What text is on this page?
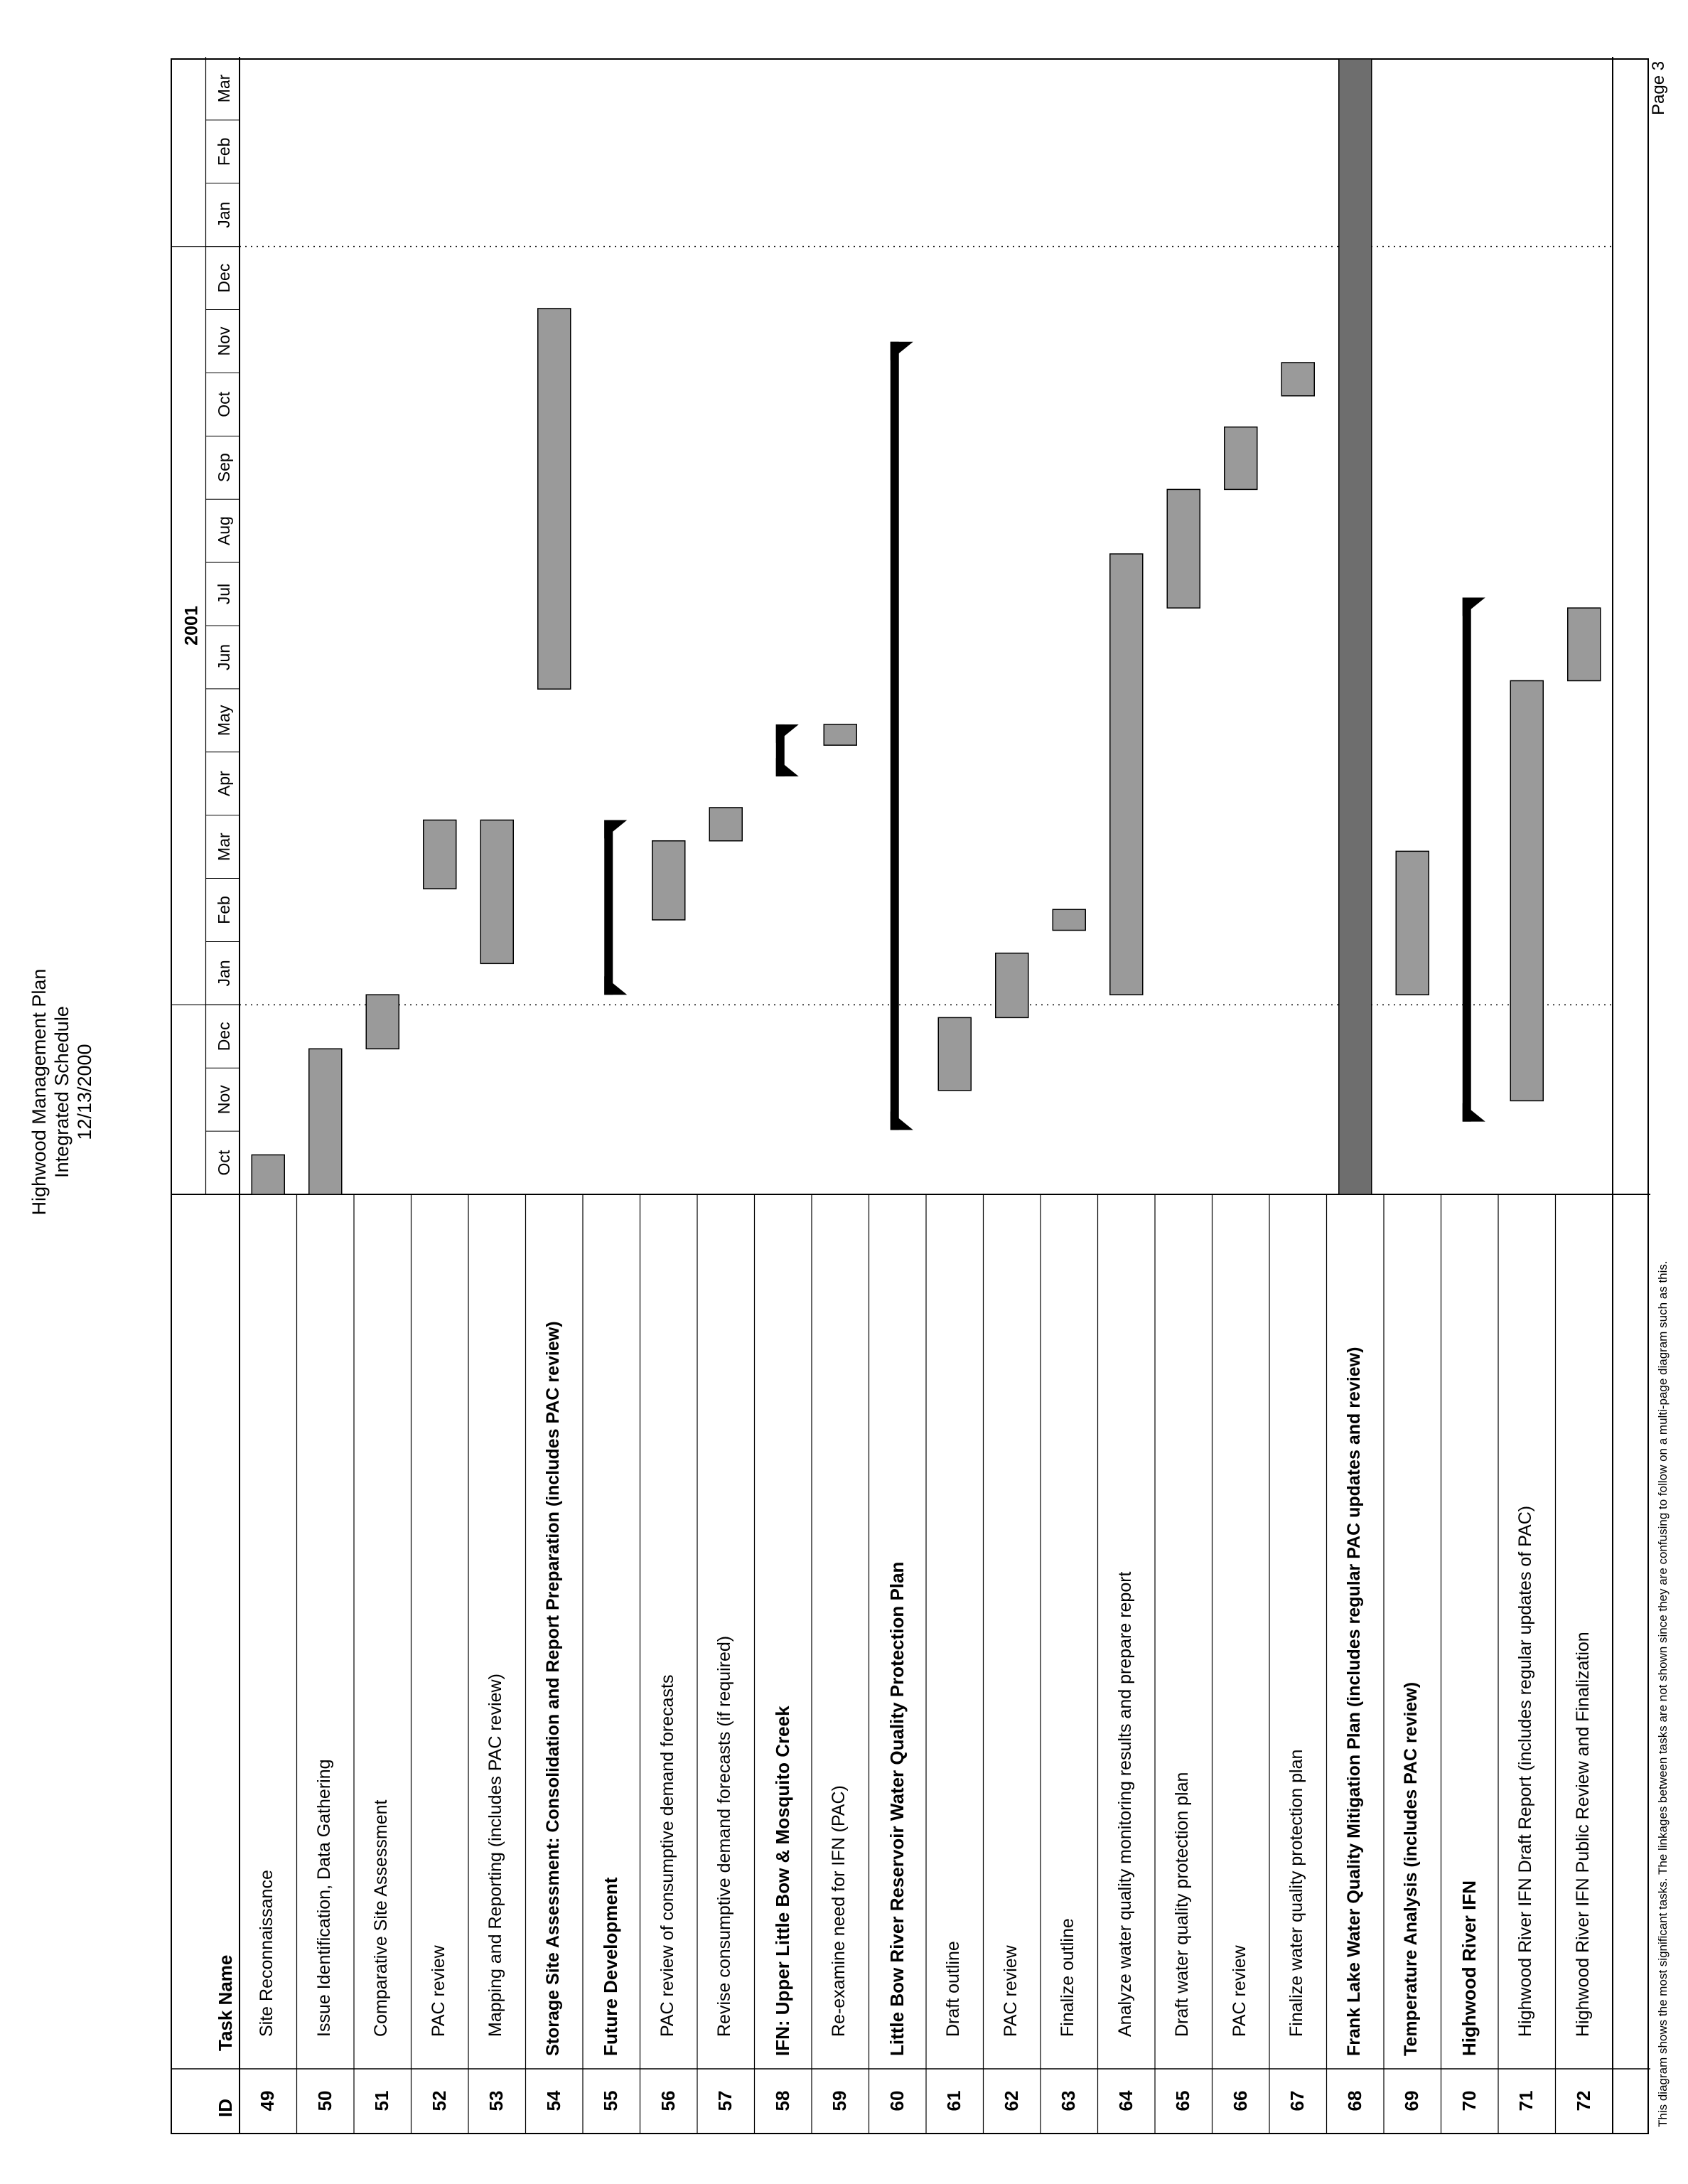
Highwood Management Plan Integrated Schedule 12/13/2000
ID
Task Name
49
Site Reconnaissance
50
Issue Identification, Data Gathering
51
Comparative Site Assessment
52
PAC review
53
Mapping and Reporting (includes PAC review)
54
Storage Site Assessment: Consolidation and Report Preparation (includes PAC review)
55
Future Development
56
PAC review of consumptive demand forecasts
57
Revise consumptive demand forecasts (if required)
58
IFN: Upper Little Bow & Mosquito Creek
59
Re-examine need for IFN (PAC)
60
Little Bow River Reservoir Water Quality Protection Plan
61
Draft outline
62
PAC review
63
Finalize outline
64
Analyze water quality monitoring results and prepare report
65
Draft water quality protection plan
66
PAC review
67
Finalize water quality protection plan
68
Frank Lake Water Quality Mitigation Plan (includes regular PAC updates and review)
69
Temperature Analysis (includes PAC review)
70
Highwood River IFN
71
Highwood River IFN Draft Report (includes regular updates of PAC)
72
Highwood River IFN Public Review and Finalization
2001
Oct
Nov
Dec
Jan
Feb
Mar
Apr
May
Jun
Jul
Aug
Sep
Oct
Nov
Dec
Jan
Feb
Mar
This diagram shows the most significant tasks. The linkages between tasks are not shown since they are confusing to follow on a multi-page diagram such as this.
Page 3
